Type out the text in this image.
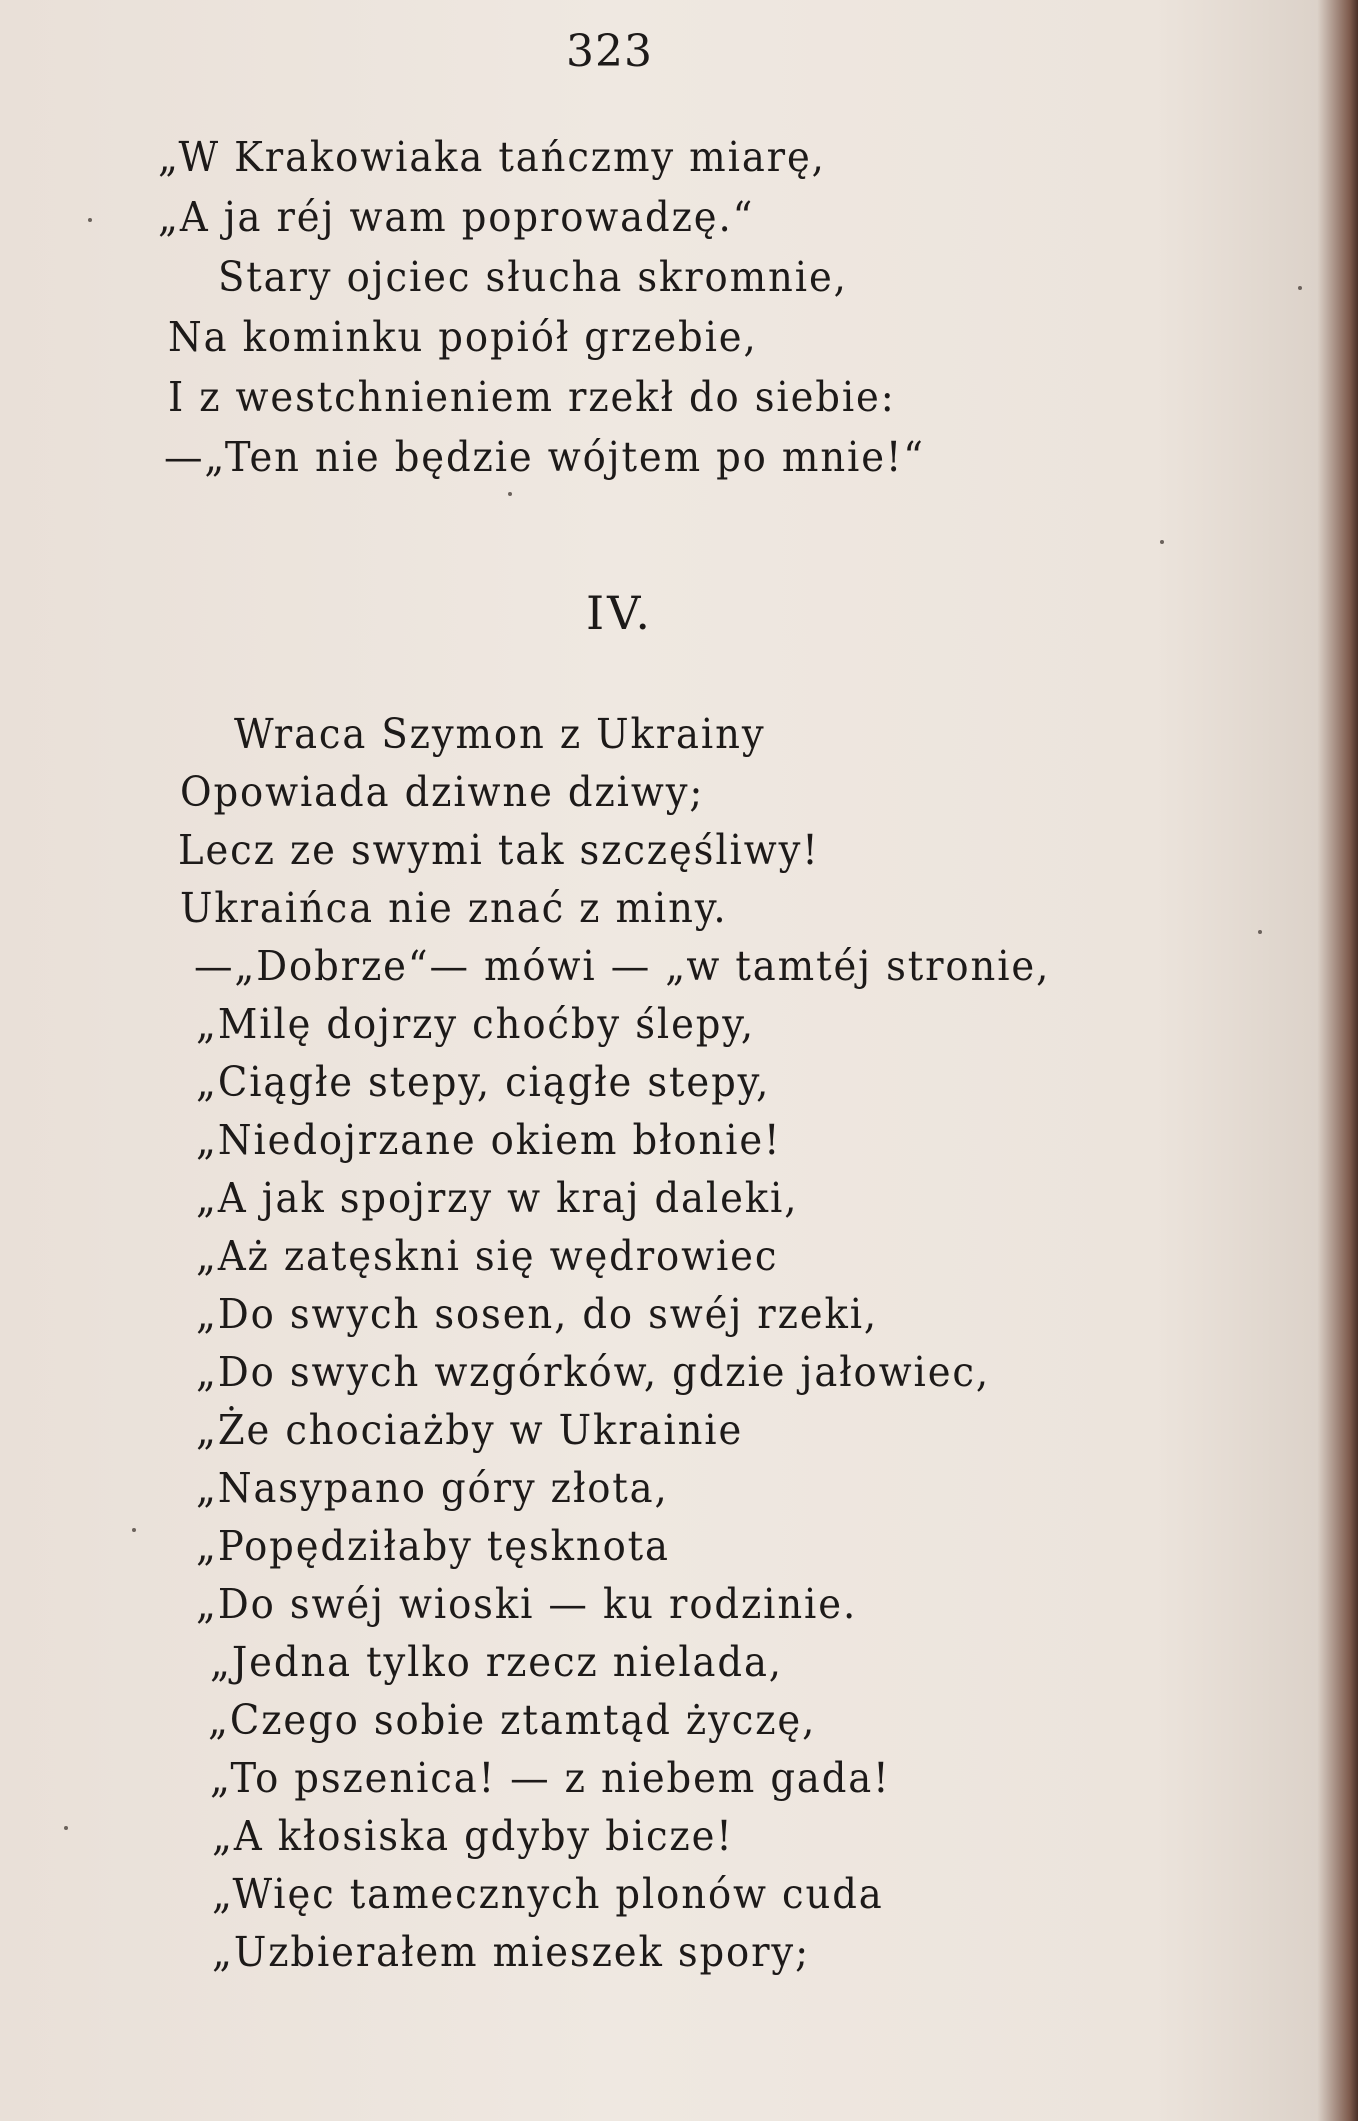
323
„W Krakowiaka tańczmy miarę,
„A ja réj wam poprowadzę.“
Stary ojciec słucha skromnie,
Na kominku popiół grzebie,
I z westchnieniem rzekł do siebie:
—„Ten nie będzie wójtem po mnie!“
IV.
Wraca Szymon z Ukrainy
Opowiada dziwne dziwy;
Lecz ze swymi tak szczęśliwy!
Ukraińca nie znać z miny.
—„Dobrze“— mówi — „w tamtéj stronie,
„Milę dojrzy choćby ślepy,
„Ciągłe stepy, ciągłe stepy,
„Niedojrzane okiem błonie!
„A jak spojrzy w kraj daleki,
„Aż zatęskni się wędrowiec
„Do swych sosen, do swéj rzeki,
„Do swych wzgórków, gdzie jałowiec,
„Że chociażby w Ukrainie
„Nasypano góry złota,
„Popędziłaby tęsknota
„Do swéj wioski — ku rodzinie.
„Jedna tylko rzecz nielada,
„Czego sobie ztamtąd życzę,
„To pszenica! — z niebem gada!
„A kłosiska gdyby bicze!
„Więc tamecznych plonów cuda
„Uzbierałem mieszek spory;
